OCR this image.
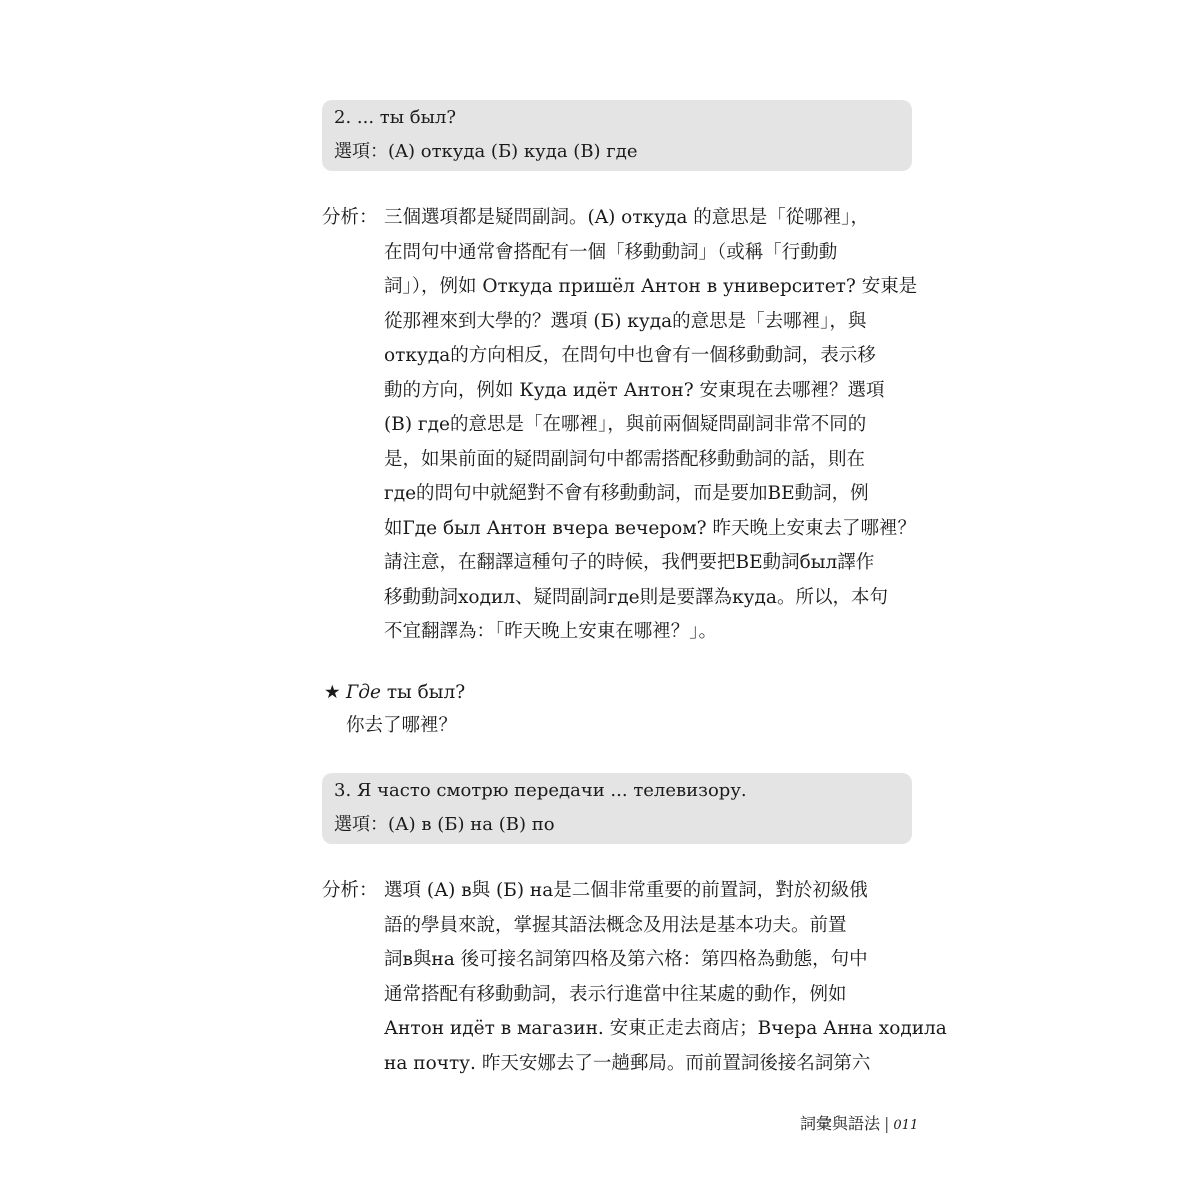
2. ... ты был?
選項：(A) откуда (Б) куда (В) где
分析： 三個選項都是疑問副詞。(A) откуда 的意思是「從哪裡」，
在問句中通常會搭配有一個「移動動詞」（或稱「行動動
詞」），例如 Откуда пришёл Антон в университет? 安東是
從那裡來到大學的？選項 (Б) куда的意思是「去哪裡」，與
откуда的方向相反，在問句中也會有一個移動動詞，表示移
動的方向，例如 Куда идёт Антон? 安東現在去哪裡？選項
(В) где的意思是「在哪裡」，與前兩個疑問副詞非常不同的
是，如果前面的疑問副詞句中都需搭配移動動詞的話，則在
где的問句中就絕對不會有移動動詞，而是要加BE動詞，例
如Где был Антон вчера вечером? 昨天晚上安東去了哪裡？
請注意，在翻譯這種句子的時候，我們要把BE動詞был譯作
移動動詞ходил、疑問副詞где則是要譯為куда。所以，本句
不宜翻譯為：「昨天晚上安東在哪裡？」。
★ Где ты был?
你去了哪裡？
3. Я часто смотрю передачи ... телевизору.
選項：(А) в (Б) на (В) по
分析： 選項 (А) в與 (Б) на是二個非常重要的前置詞，對於初級俄
語的學員來說，掌握其語法概念及用法是基本功夫。前置
詞в與на 後可接名詞第四格及第六格：第四格為動態，句中
通常搭配有移動動詞，表示行進當中往某處的動作，例如
Антон идёт в магазин. 安東正走去商店；Вчера Анна ходила
на почту. 昨天安娜去了一趟郵局。而前置詞後接名詞第六
詞彙與語法 | 011
